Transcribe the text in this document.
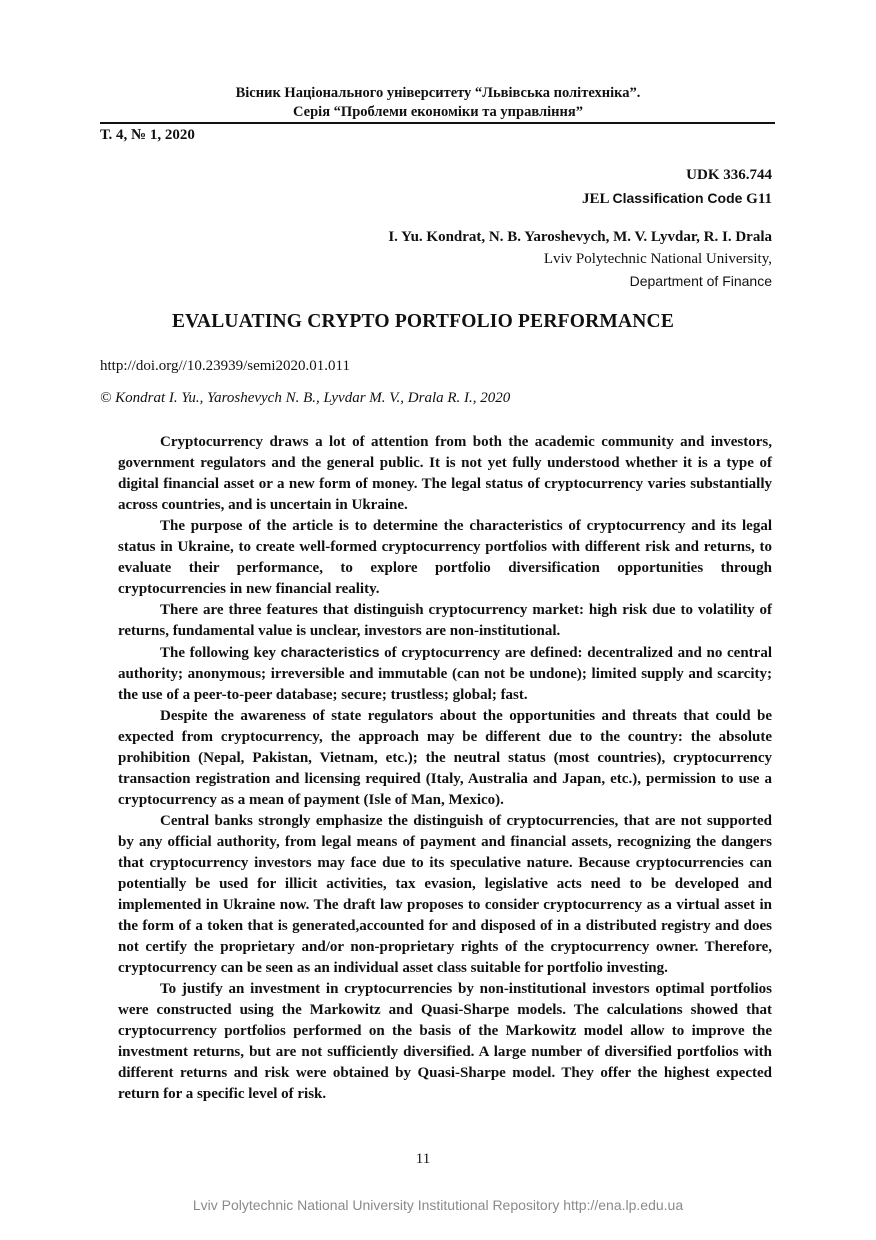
Вісник Національного університету “Львівська політехніка”.
Серія “Проблеми економіки та управління”
Т. 4, № 1, 2020
UDK 336.744
JEL Classification Code G11
I. Yu. Kondrat, N. B. Yaroshevych, M. V. Lyvdar, R. I. Drala
Lviv Polytechnic National University,
Department of Finance
EVALUATING CRYPTO PORTFOLIO PERFORMANCE
http://doi.org//10.23939/semi2020.01.011
© Kondrat I. Yu., Yaroshevych N. B., Lyvdar M. V., Drala R. I., 2020

Cryptocurrency draws a lot of attention from both the academic community and investors, government regulators and the general public. It is not yet fully understood whether it is a type of digital financial asset or a new form of money. The legal status of cryptocurrency varies substantially across countries, and is uncertain in Ukraine.

The purpose of the article is to determine the characteristics of cryptocurrency and its legal status in Ukraine, to create well-formed cryptocurrency portfolios with different risk and returns, to evaluate their performance, to explore portfolio diversification opportunities through cryptocurrencies in new financial reality.

There are three features that distinguish cryptocurrency market: high risk due to volatility of returns, fundamental value is unclear, investors are non-institutional.

The following key characteristics of cryptocurrency are defined: decentralized and no central authority; anonymous; irreversible and immutable (can not be undone); limited supply and scarcity; the use of a peer-to-peer database; secure; trustless; global; fast.

Despite the awareness of state regulators about the opportunities and threats that could be expected from cryptocurrency, the approach may be different due to the country: the absolute prohibition (Nepal, Pakistan, Vietnam, etc.); the neutral status (most countries), cryptocurrency transaction registration and licensing required (Italy, Australia and Japan, etc.), permission to use a cryptocurrency as a mean of payment (Isle of Man, Mexico).

Central banks strongly emphasize the distinguish of cryptocurrencies, that are not supported by any official authority, from legal means of payment and financial assets, recognizing the dangers that cryptocurrency investors may face due to its speculative nature. Because cryptocurrencies can potentially be used for illicit activities, tax evasion, legislative acts need to be developed and implemented in Ukraine now. The draft law proposes to consider cryptocurrency as a virtual asset in the form of a token that is generated,accounted for and disposed of in a distributed registry and does not certify the proprietary and/or non-proprietary rights of the cryptocurrency owner. Therefore, cryptocurrency can be seen as an individual asset class suitable for portfolio investing.

To justify an investment in cryptocurrencies by non-institutional investors optimal portfolios were constructed using the Markowitz and Quasi-Sharpe models. The calculations showed that cryptocurrency portfolios performed on the basis of the Markowitz model allow to improve the investment returns, but are not sufficiently diversified. A large number of diversified portfolios with different returns and risk were obtained by Quasi-Sharpe model. They offer the highest expected return for a specific level of risk.

11
Lviv Polytechnic National University Institutional Repository http://ena.lp.edu.ua
